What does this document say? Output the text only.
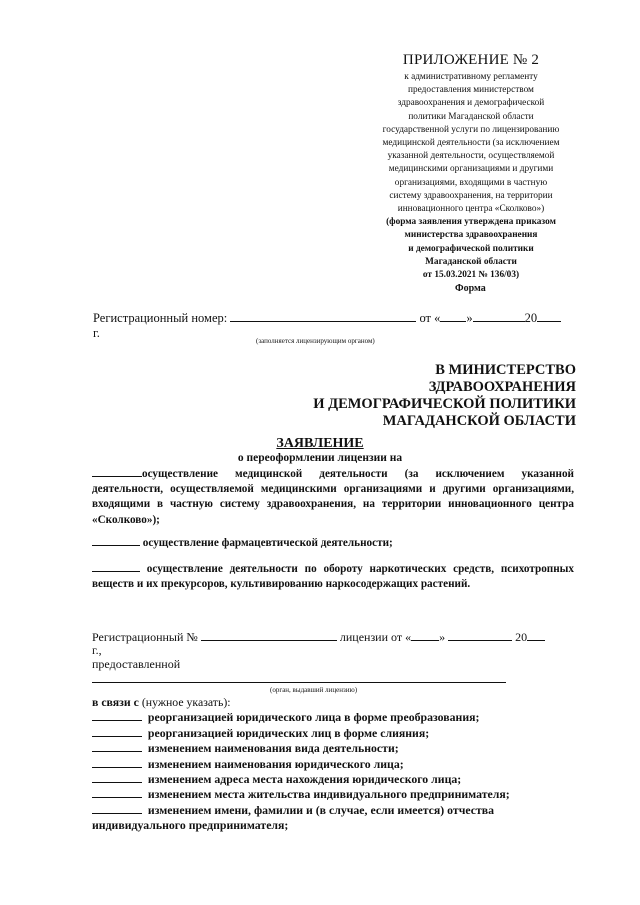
ПРИЛОЖЕНИЕ № 2
к административному регламенту
предоставления министерством
здравоохранения и демографической
политики Магаданской области
государственной услуги по лицензированию
медицинской деятельности (за исключением
указанной деятельности, осуществляемой
медицинскими организациями и другими
организациями, входящими в частную
систему здравоохранения, на территории
инновационного центра «Сколково»)
(форма заявления утверждена приказом
министерства здравоохранения
и демографической политики
Магаданской области
от 15.03.2021 № 136/03)
Форма
Регистрационный номер:	от « »	20
г.
(заполняется лицензирующим органом)
В МИНИСТЕРСТВО ЗДРАВООХРАНЕНИЯ
И ДЕМОГРАФИЧЕСКОЙ ПОЛИТИКИ
МАГАДАНСКОЙ ОБЛАСТИ
ЗАЯВЛЕНИЕ
о переоформлении лицензии на
осуществление медицинской деятельности (за исключением указанной деятельности, осуществляемой медицинскими организациями и другими организациями, входящими в частную систему здравоохранения, на территории инновационного центра «Сколково»);
осуществление фармацевтической деятельности;
осуществление деятельности по обороту наркотических средств, психотропных веществ и их прекурсоров, культивированию наркосодержащих растений.
Регистрационный №	лицензии от « »	20
г.,
предоставленной
(орган, выдавший лицензию)
в связи с (нужное указать):
реорганизацией юридического лица в форме преобразования;
реорганизацией юридических лиц в форме слияния;
изменением наименования вида деятельности;
изменением наименования юридического лица;
изменением адреса места нахождения юридического лица;
изменением места жительства индивидуального предпринимателя;
изменением имени, фамилии и (в случае, если имеется) отчества
индивидуального предпринимателя;
